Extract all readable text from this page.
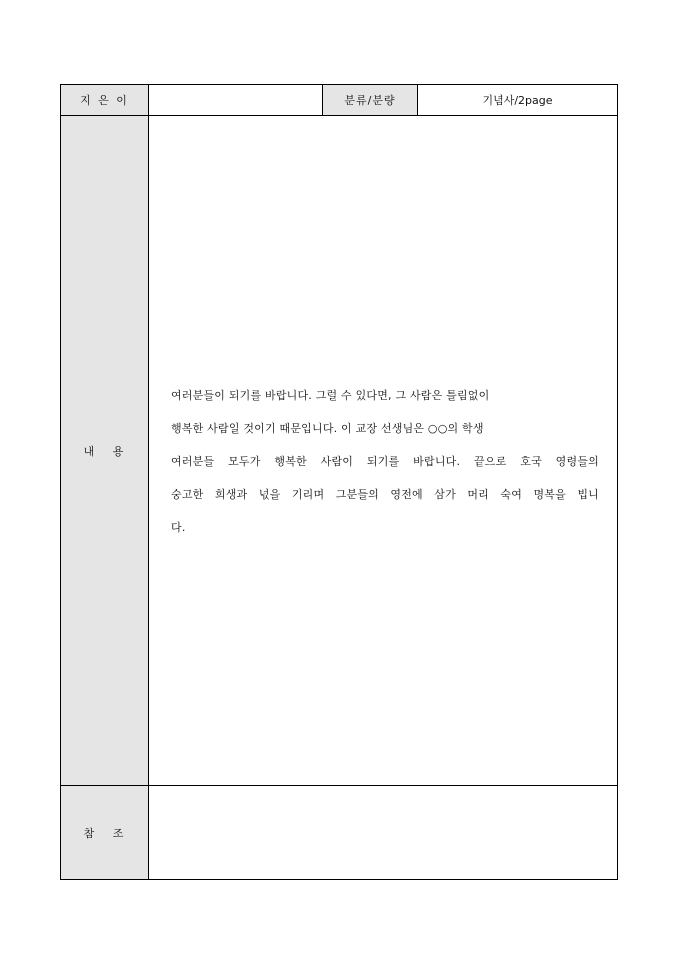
지 은 이		분류/분량	기념사/2page
내   용	여러분들이 되기를 바랍니다. 그럴 수 있다면, 그 사람은 틀림없이
행복한 사람일 것이기 때문입니다. 이 교장 선생님은 ○○의 학생
여러분들 모두가 행복한 사람이 되기를 바랍니다. 끝으로 호국 영령들의
숭고한 희생과 넋을 기리며 그분들의 영전에 삼가 머리 숙여 명복을 빕니
다.		

참   조			
